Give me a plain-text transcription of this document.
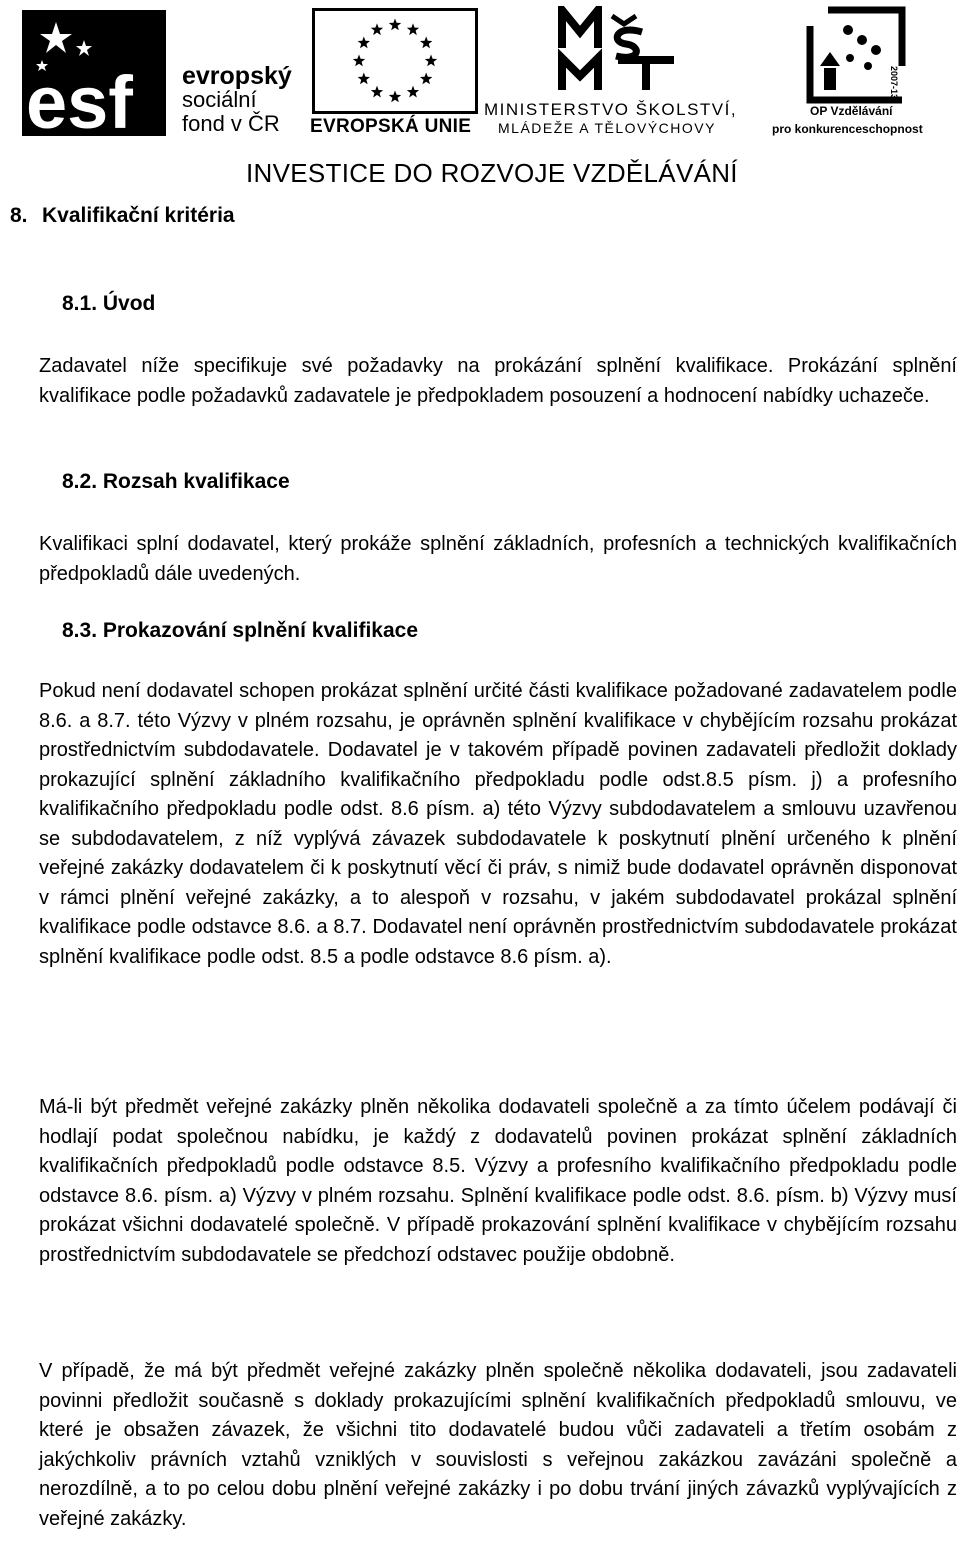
esf evropský
sociální
fond v ČR	EVROPSKÁ UNIE
MINISTERSTVO ŠKOLSTVÍ,
MLÁDEŽE A TĚLOVÝCHOVY
2007-13
OP Vzdělávání
pro konkurenceschopnost
INVESTICE DO ROZVOJE VZDĚLÁVÁNÍ
8. Kvalifikační kritéria
8.1. Úvod

Zadavatel níže specifikuje své požadavky na prokázání splnění kvalifikace. Prokázání splnění kvalifikace podle požadavků zadavatele je předpokladem posouzení a hodnocení nabídky uchazeče.

8.2. Rozsah kvalifikace

Kvalifikaci splní dodavatel, který prokáže splnění základních, profesních a technických kvalifikačních předpokladů dále uvedených.

8.3. Prokazování splnění kvalifikace

Pokud není dodavatel schopen prokázat splnění určité části kvalifikace požadované zadavatelem podle 8.6. a 8.7. této Výzvy v plném rozsahu, je oprávněn splnění kvalifikace v chybějícím rozsahu prokázat prostřednictvím subdodavatele. Dodavatel je v takovém případě povinen zadavateli předložit doklady prokazující splnění základního kvalifikačního předpokladu podle odst.8.5 písm. j) a profesního kvalifikačního předpokladu podle odst. 8.6 písm. a) této Výzvy subdodavatelem a smlouvu uzavřenou se subdodavatelem, z níž vyplývá závazek subdodavatele k poskytnutí plnění určeného k plnění veřejné zakázky dodavatelem či k poskytnutí věcí či práv, s nimiž bude dodavatel oprávněn disponovat v rámci plnění veřejné zakázky, a to alespoň v rozsahu, v jakém subdodavatel prokázal splnění kvalifikace podle odstavce 8.6. a 8.7. Dodavatel není oprávněn prostřednictvím subdodavatele prokázat splnění kvalifikace podle odst. 8.5 a podle odstavce 8.6 písm. a).

Má-li být předmět veřejné zakázky plněn několika dodavateli společně a za tímto účelem podávají či hodlají podat společnou nabídku, je každý z dodavatelů povinen prokázat splnění základních kvalifikačních předpokladů podle odstavce 8.5. Výzvy a profesního kvalifikačního předpokladu podle odstavce 8.6. písm. a) Výzvy v plném rozsahu. Splnění kvalifikace podle odst. 8.6. písm. b) Výzvy musí prokázat všichni dodavatelé společně. V případě prokazování splnění kvalifikace v chybějícím rozsahu prostřednictvím subdodavatele se předchozí odstavec použije obdobně.

V případě, že má být předmět veřejné zakázky plněn společně několika dodavateli, jsou zadavateli povinni předložit současně s doklady prokazujícími splnění kvalifikačních předpokladů smlouvu, ve které je obsažen závazek, že všichni tito dodavatelé budou vůči zadavateli a třetím osobám z jakýchkoliv právních vztahů vzniklých v souvislosti s veřejnou zakázkou zavázáni společně a nerozdílně, a to po celou dobu plnění veřejné zakázky i po dobu trvání jiných závazků vyplývajících z veřejné zakázky.
